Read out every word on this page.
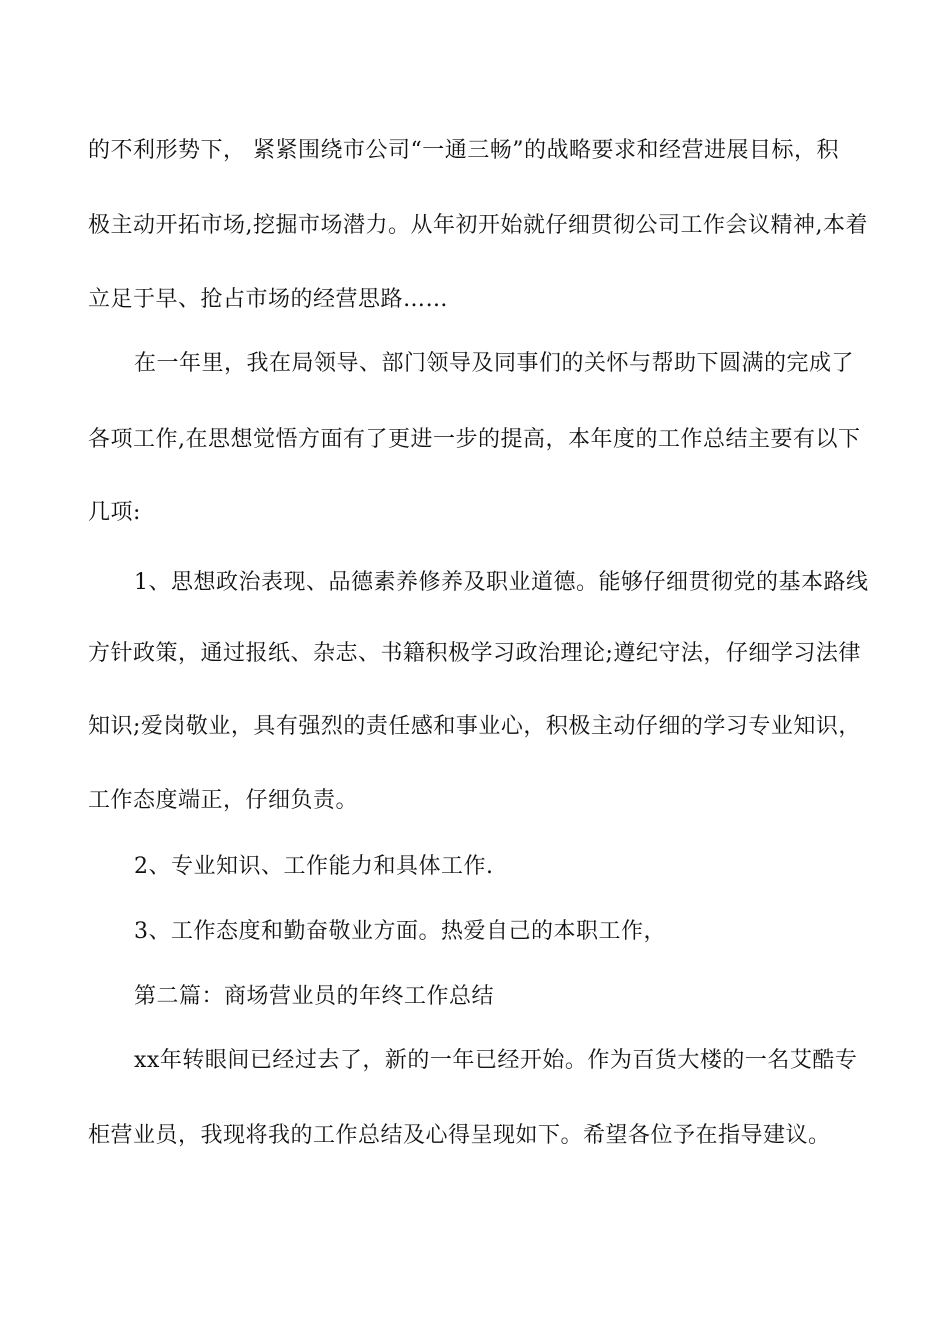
的不利形势下， 紧紧围绕市公司“一通三畅”的战略要求和经营进展目标，积
极主动开拓市场,挖掘市场潜力。从年初开始就仔细贯彻公司工作会议精神,本着
立足于早、抢占市场的经营思路……
在一年里，我在局领导、部门领导及同事们的关怀与帮助下圆满的完成了
各项工作,在思想觉悟方面有了更进一步的提高，本年度的工作总结主要有以下
几项:
1、思想政治表现、品德素养修养及职业道德。能够仔细贯彻党的基本路线
方针政策，通过报纸、杂志、书籍积极学习政治理论;遵纪守法，仔细学习法律
知识;爱岗敬业，具有强烈的责任感和事业心，积极主动仔细的学习专业知识，
工作态度端正，仔细负责。
2、专业知识、工作能力和具体工作.
3、工作态度和勤奋敬业方面。热爱自己的本职工作，
第二篇：商场营业员的年终工作总结
xx年转眼间已经过去了，新的一年已经开始。作为百货大楼的一名艾酷专
柜营业员，我现将我的工作总结及心得呈现如下。希望各位予在指导建议。
